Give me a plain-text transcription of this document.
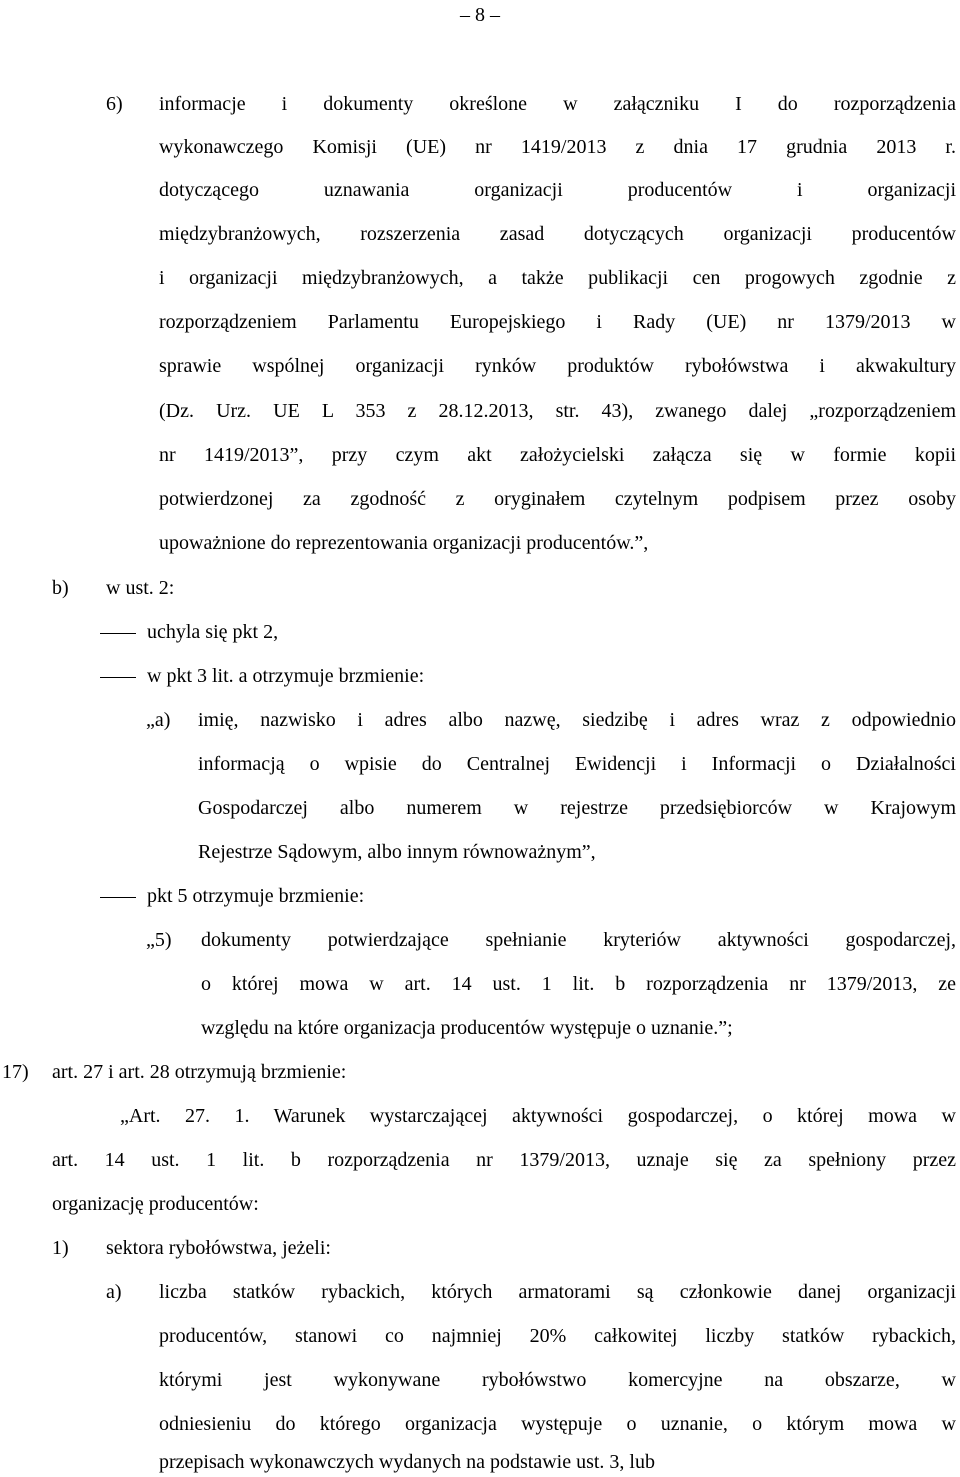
– 8 –
6) informacje i dokumenty określone w załączniku I do rozporządzenia
wykonawczego Komisji (UE) nr 1419/2013 z dnia 17 grudnia 2013 r.
dotyczącego uznawania organizacji producentów i organizacji
międzybranżowych, rozszerzenia zasad dotyczących organizacji producentów
i organizacji międzybranżowych, a także publikacji cen progowych zgodnie z
rozporządzeniem Parlamentu Europejskiego i Rady (UE) nr 1379/2013 w
sprawie wspólnej organizacji rynków produktów rybołówstwa i akwakultury
(Dz. Urz. UE L 353 z 28.12.2013, str. 43), zwanego dalej „rozporządzeniem
nr 1419/2013”, przy czym akt założycielski załącza się w formie kopii
potwierdzonej za zgodność z oryginałem czytelnym podpisem przez osoby
upoważnione do reprezentowania organizacji producentów.”,
b) w ust. 2:
uchyla się pkt 2,
w pkt 3 lit. a otrzymuje brzmienie:
„a) imię, nazwisko i adres albo nazwę, siedzibę i adres wraz z odpowiednio
informacją o wpisie do Centralnej Ewidencji i Informacji o Działalności
Gospodarczej albo numerem w rejestrze przedsiębiorców w Krajowym
Rejestrze Sądowym, albo innym równoważnym”,
pkt 5 otrzymuje brzmienie:
„5) dokumenty potwierdzające spełnianie kryteriów aktywności gospodarczej,
o której mowa w art. 14 ust. 1 lit. b rozporządzenia nr 1379/2013, ze
względu na które organizacja producentów występuje o uznanie.”;
17) art. 27 i art. 28 otrzymują brzmienie:
„Art. 27. 1. Warunek wystarczającej aktywności gospodarczej, o której mowa w
art. 14 ust. 1 lit. b rozporządzenia nr 1379/2013, uznaje się za spełniony przez
organizację producentów:
1) sektora rybołówstwa, jeżeli:
a) liczba statków rybackich, których armatorami są członkowie danej organizacji
producentów, stanowi co najmniej 20% całkowitej liczby statków rybackich,
którymi jest wykonywane rybołówstwo komercyjne na obszarze, w
odniesieniu do którego organizacja występuje o uznanie, o którym mowa w
przepisach wykonawczych wydanych na podstawie ust. 3, lub
